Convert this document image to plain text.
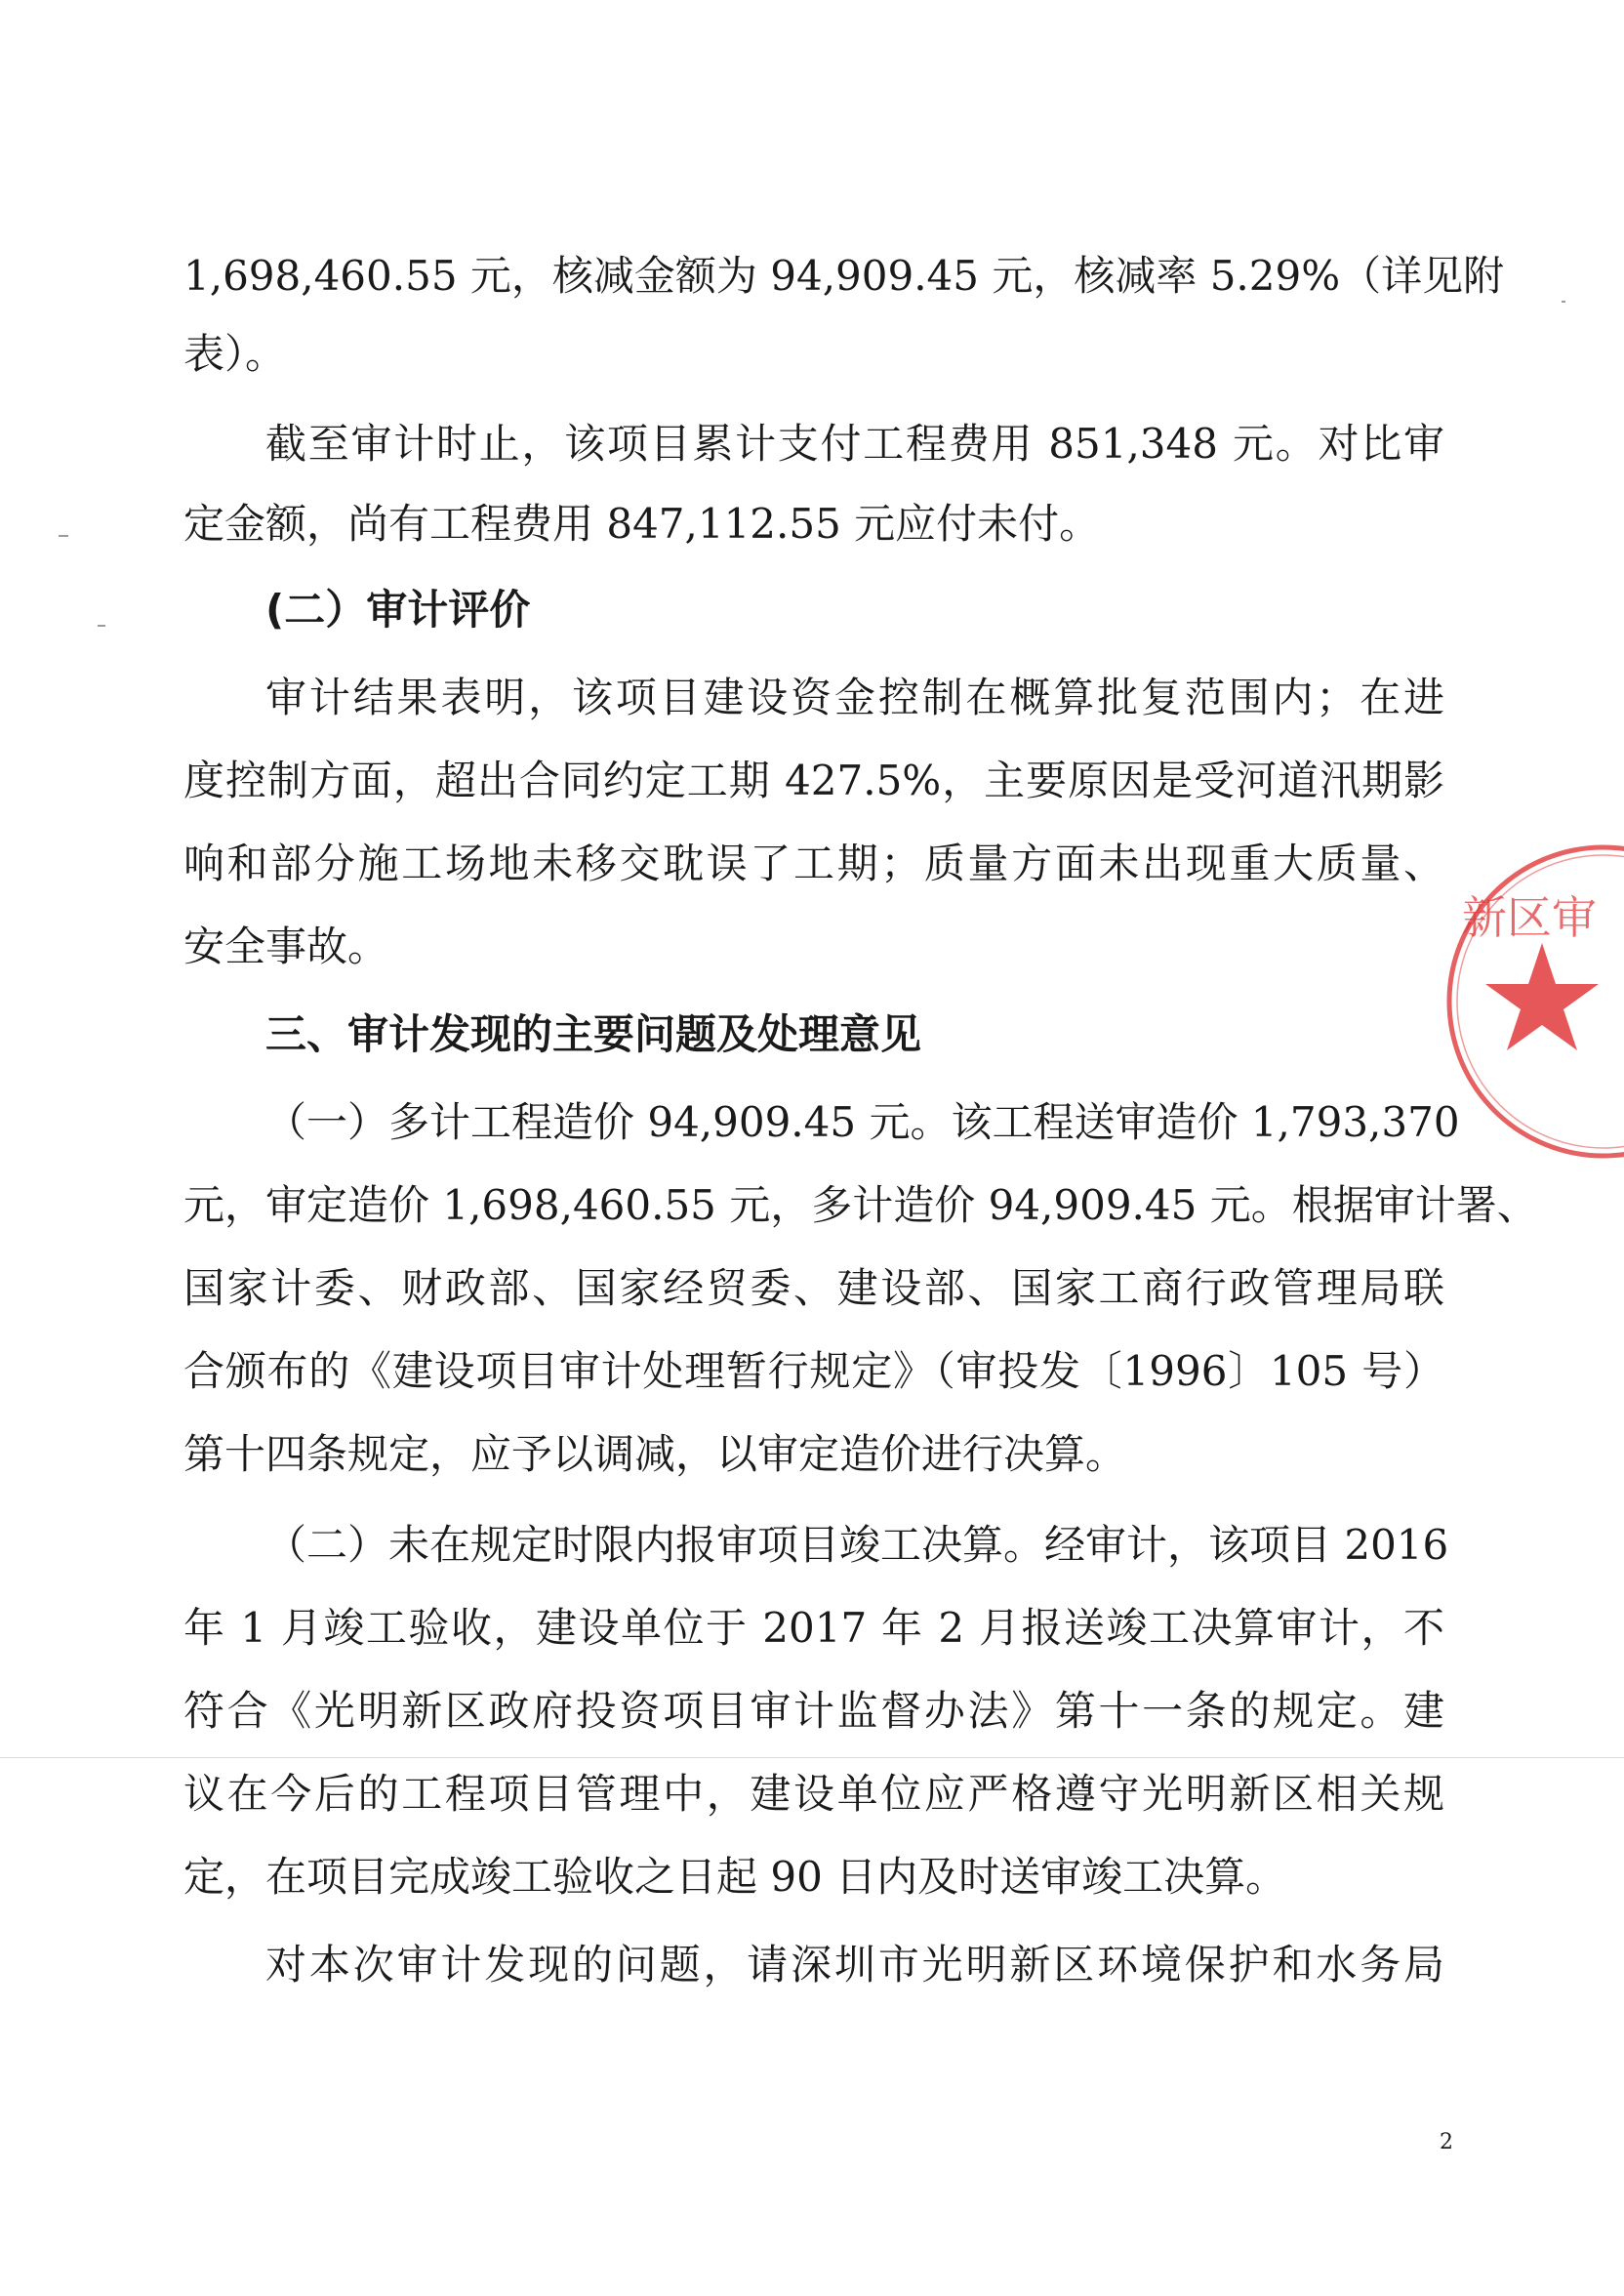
1,698,460.55 元，核减金额为 94,909.45 元，核减率 5.29%（详见附
表）。
截至审计时止，该项目累计支付工程费用 851,348 元。对比审
定金额，尚有工程费用 847,112.55 元应付未付。
(二）审计评价
审计结果表明，该项目建设资金控制在概算批复范围内；在进
度控制方面，超出合同约定工期 427.5%，主要原因是受河道汛期影
响和部分施工场地未移交耽误了工期；质量方面未出现重大质量、
安全事故。
三、审计发现的主要问题及处理意见
（一）多计工程造价 94,909.45 元。该工程送审造价 1,793,370
元，审定造价 1,698,460.55 元，多计造价 94,909.45 元。根据审计署、
国家计委、财政部、国家经贸委、建设部、国家工商行政管理局联
合颁布的《建设项目审计处理暂行规定》（审投发〔1996〕105 号）
第十四条规定，应予以调减，以审定造价进行决算。
（二）未在规定时限内报审项目竣工决算。经审计，该项目 2016
年 1 月竣工验收，建设单位于 2017 年 2 月报送竣工决算审计，不
符合《光明新区政府投资项目审计监督办法》第十一条的规定。建
议在今后的工程项目管理中，建设单位应严格遵守光明新区相关规
定，在项目完成竣工验收之日起 90 日内及时送审竣工决算。
对本次审计发现的问题，请深圳市光明新区环境保护和水务局
2
新区审
